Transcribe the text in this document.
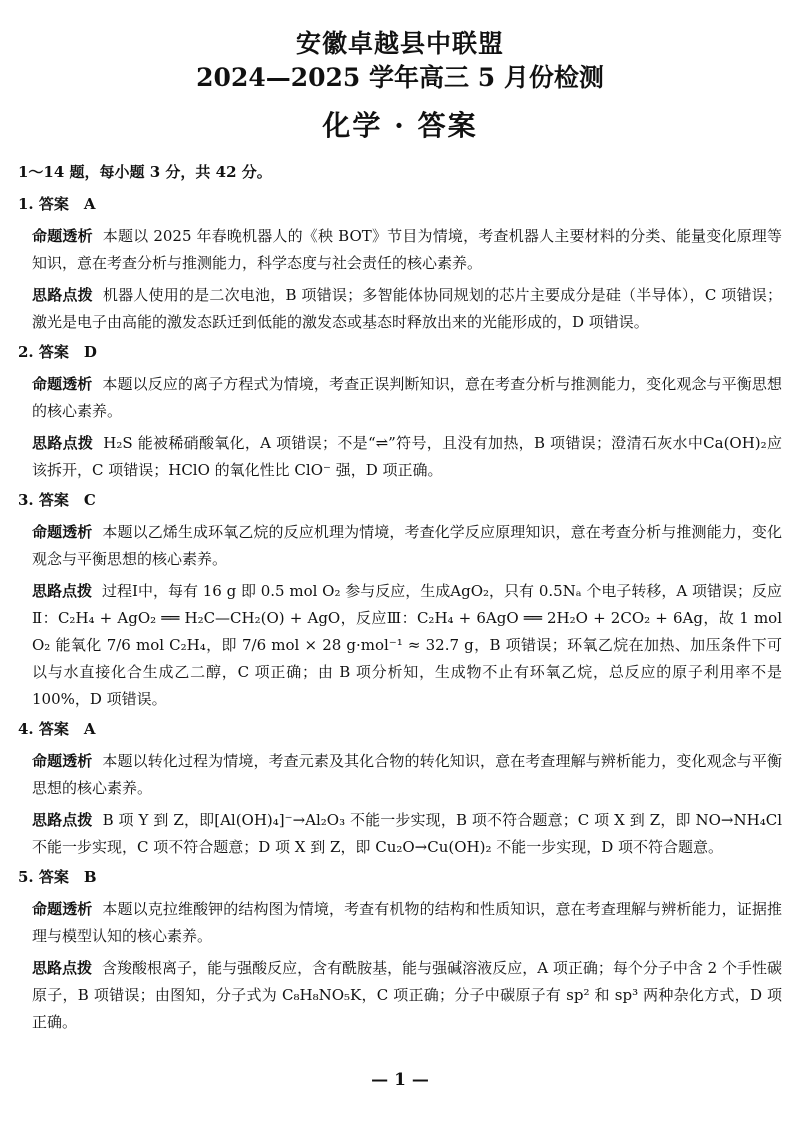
安徽卓越县中联盟
2024—2025 学年高三 5 月份检测
化学 · 答案
1～14 题，每小题 3 分，共 42 分。
1. 答案　A
命题透析 本题以 2025 年春晚机器人的《秧 BOT》节目为情境，考查机器人主要材料的分类、能量变化原理等知识，意在考查分析与推测能力，科学态度与社会责任的核心素养。
思路点拨 机器人使用的是二次电池，B 项错误；多智能体协同规划的芯片主要成分是硅（半导体），C 项错误；激光是电子由高能的激发态跃迁到低能的激发态或基态时释放出来的光能形成的，D 项错误。
2. 答案　D
命题透析 本题以反应的离子方程式为情境，考查正误判断知识，意在考查分析与推测能力，变化观念与平衡思想的核心素养。
思路点拨 H₂S 能被稀硝酸氧化，A 项错误；不是“⇌”符号，且没有加热，B 项错误；澄清石灰水中Ca(OH)₂应该拆开，C 项错误；HClO 的氧化性比 ClO⁻ 强，D 项正确。
3. 答案　C
命题透析 本题以乙烯生成环氧乙烷的反应机理为情境，考查化学反应原理知识，意在考查分析与推测能力，变化观念与平衡思想的核心素养。
思路点拨 过程Ⅰ中，每有 16 g 即 0.5 mol O₂ 参与反应，生成AgO₂，只有 0.5Nₐ 个电子转移，A 项错误；反应Ⅱ：C₂H₄ + AgO₂ ══ H₂C—CH₂(O) + AgO，反应Ⅲ：C₂H₄ + 6AgO ══ 2H₂O + 2CO₂ + 6Ag，故 1 mol O₂ 能氧化 7/6 mol C₂H₄，即 7/6 mol × 28 g·mol⁻¹ ≈ 32.7 g，B 项错误；环氧乙烷在加热、加压条件下可以与水直接化合生成乙二醇，C 项正确；由 B 项分析知，生成物不止有环氧乙烷，总反应的原子利用率不是 100%，D 项错误。
4. 答案　A
命题透析 本题以转化过程为情境，考查元素及其化合物的转化知识，意在考查理解与辨析能力，变化观念与平衡思想的核心素养。
思路点拨 B 项 Y 到 Z，即[Al(OH)₄]⁻→Al₂O₃ 不能一步实现，B 项不符合题意；C 项 X 到 Z，即 NO→NH₄Cl 不能一步实现，C 项不符合题意；D 项 X 到 Z，即 Cu₂O→Cu(OH)₂ 不能一步实现，D 项不符合题意。
5. 答案　B
命题透析 本题以克拉维酸钾的结构图为情境，考查有机物的结构和性质知识，意在考查理解与辨析能力，证据推理与模型认知的核心素养。
思路点拨 含羧酸根离子，能与强酸反应，含有酰胺基，能与强碱溶液反应，A 项正确；每个分子中含 2 个手性碳原子，B 项错误；由图知，分子式为 C₈H₈NO₅K，C 项正确；分子中碳原子有 sp² 和 sp³ 两种杂化方式，D 项正确。
— 1 —
